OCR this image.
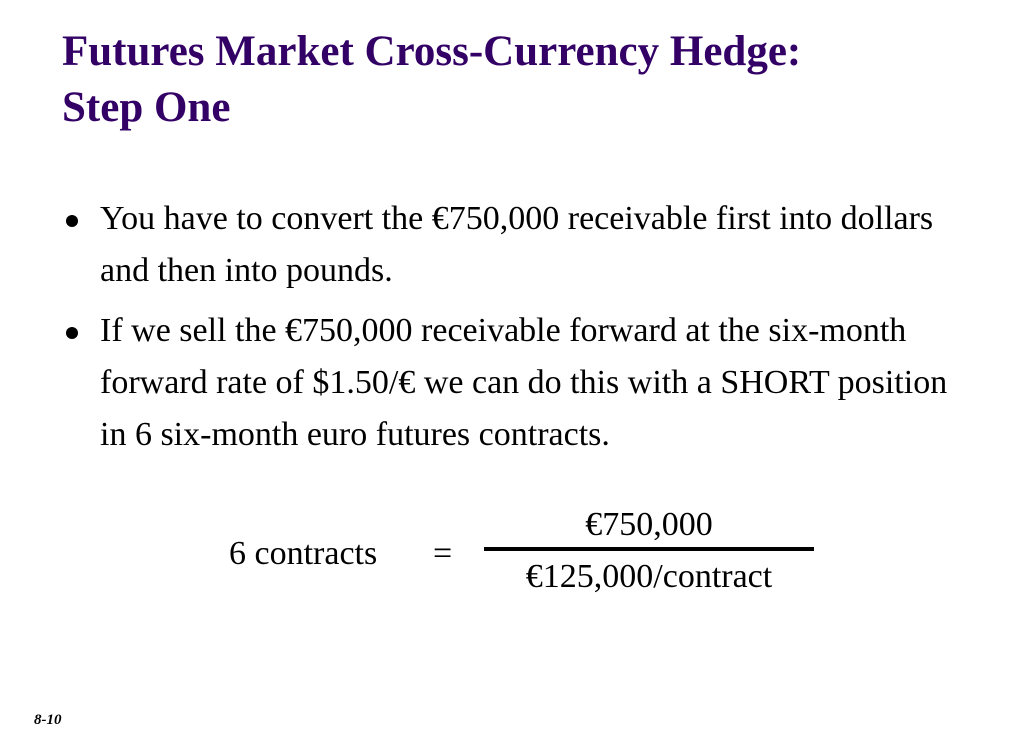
Futures Market Cross-Currency Hedge:
Step One
You have to convert the €750,000 receivable first into dollars and then into pounds.
If we sell the €750,000 receivable forward at the six-month forward rate of $1.50/€ we can do this with a SHORT position in 6 six-month euro futures contracts.
6 contracts =
€750,000
€125,000/contract
8-10
